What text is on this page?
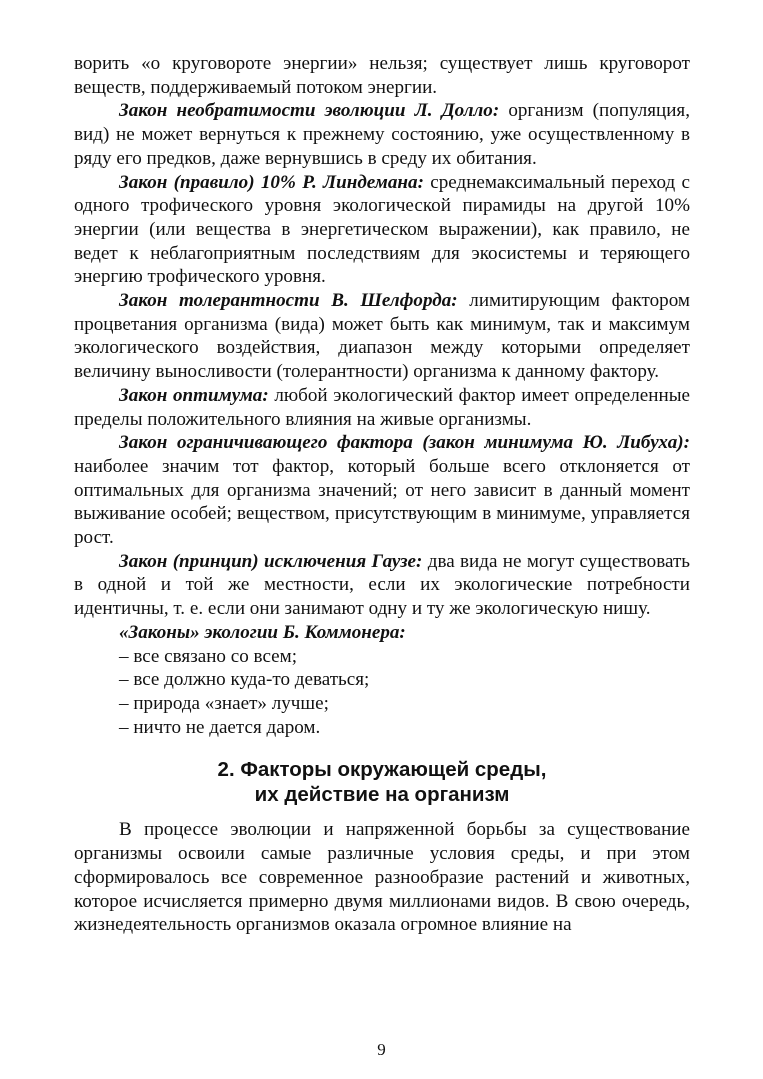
ворить «о круговороте энергии» нельзя; существует лишь круговорот веществ, поддерживаемый потоком энергии.

Закон необратимости эволюции Л. Долло: организм (популяция, вид) не может вернуться к прежнему состоянию, уже осуществленному в ряду его предков, даже вернувшись в среду их обитания.

Закон (правило) 10% Р. Линдемана: среднемаксимальный переход с одного трофического уровня экологической пирамиды на другой 10% энергии (или вещества в энергетическом выражении), как правило, не ведет к неблагоприятным последствиям для экосистемы и теряющего энергию трофического уровня.

Закон толерантности В. Шелфорда: лимитирующим фактором процветания организма (вида) может быть как минимум, так и максимум экологического воздействия, диапазон между которыми определяет величину выносливости (толерантности) организма к данному фактору.

Закон оптимума: любой экологический фактор имеет определенные пределы положительного влияния на живые организмы.

Закон ограничивающего фактора (закон минимума Ю. Либуха): наиболее значим тот фактор, который больше всего отклоняется от оптимальных для организма значений; от него зависит в данный момент выживание особей; веществом, присутствующим в минимуме, управляется рост.

Закон (принцип) исключения Гаузе: два вида не могут существовать в одной и той же местности, если их экологические потребности идентичны, т. е. если они занимают одну и ту же экологическую нишу.

«Законы» экологии Б. Коммонера:
– все связано со всем;
– все должно куда-то деваться;
– природа «знает» лучше;
– ничто не дается даром.
2. Факторы окружающей среды,
их действие на организм

В процессе эволюции и напряженной борьбы за существование организмы освоили самые различные условия среды, и при этом сформировалось все современное разнообразие растений и животных, которое исчисляется примерно двумя миллионами видов. В свою очередь, жизнедеятельность организмов оказала огромное влияние на

9
